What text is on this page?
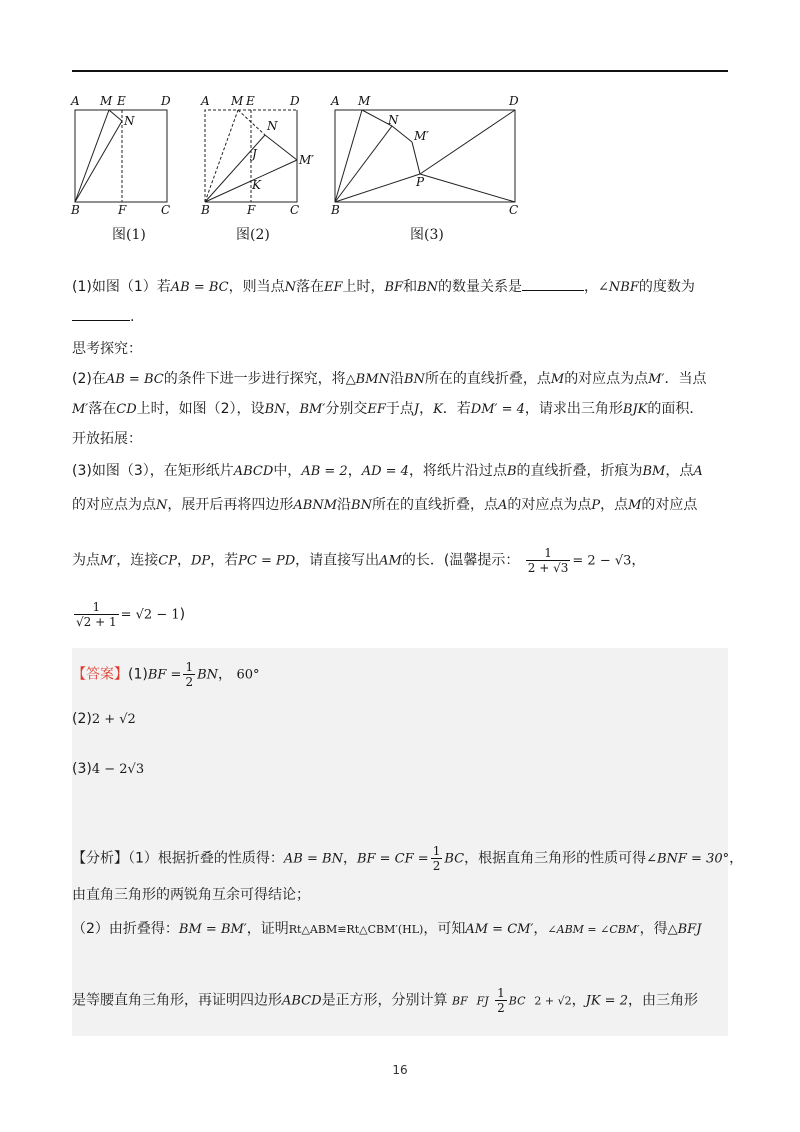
A M E	D
N
B	F	C
A M E	D
N
J	M′
K
B	F	C
A M	D
N
M′
P
B	C
图(1)	图(2)	图(3)
(1)如图（1）若AB = BC，则当点N落在EF上时，BF和BN的数量关系是	，∠NBF的度数为
.
思考探究：
(2)在AB = BC的条件下进一步进行探究，将△BMN沿BN所在的直线折叠，点M的对应点为点M′．当点
M′落在CD上时，如图（2），设BN，BM′分别交EF于点J，K．若DM′ = 4，请求出三角形BJK的面积．
开放拓展：
(3)如图（3），在矩形纸片ABCD中，AB = 2，AD = 4，将纸片沿过点B的直线折叠，折痕为BM，点A
的对应点为点N，展开后再将四边形ABNM沿BN所在的直线折叠，点A的对应点为点P，点M的对应点
为点M′，连接CP，DP，若PC = PD，请直接写出AM的长．(温馨提示： $\frac{1}{2 + √3} = 2 - √3$，
$\frac{1}{√2 + 1} = √2 - 1$)
【答案】$(1)BF = \frac{1}{2}$ BN， 60°
(2)2 + √2
(3)4 − 2√3
【分析】（1）根据折叠的性质得：AB = BN，BF = CF = $\frac{1}{2}$ BC，根据直角三角形的性质可得∠BNF = 30°，
由直角三角形的两锐角互余可得结论；
（2）由折叠得：BM = BM′，证明Rt△ABM≌Rt△CBM′(HL)，可知AM = CM′，∠ABM = ∠CBM′，得△BFJ
是等腰直角三角形，再证明四边形ABCD是正方形，分别计算 BF FJ $\frac{1}{2}$ BC 2 + √2，JK = 2，由三角形
16
